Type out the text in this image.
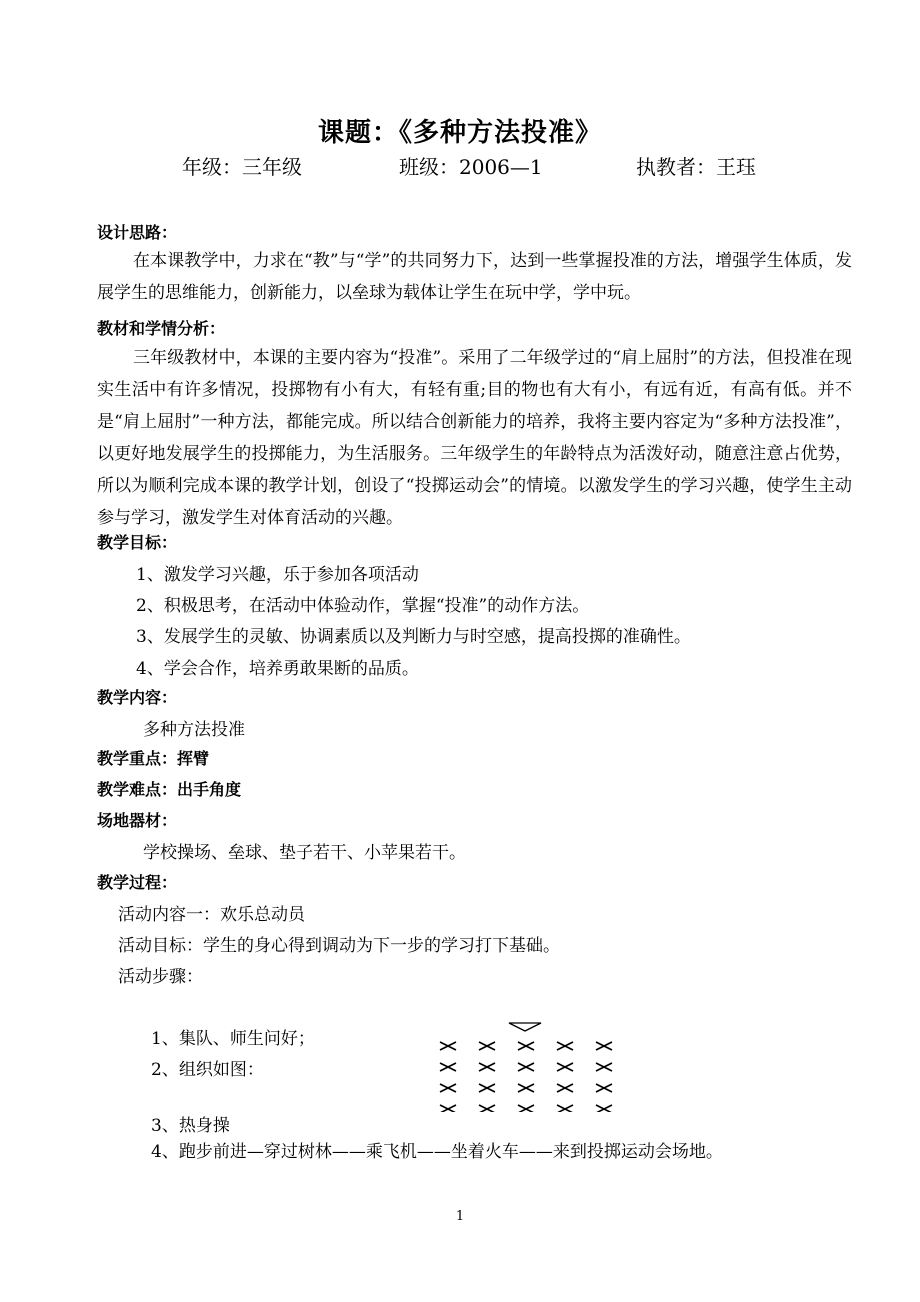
课题：《多种方法投准》
年级：三年级	班级：2006—1	执教者：王珏
设计思路：
在本课教学中，力求在“教”与“学”的共同努力下，达到一些掌握投准的方法，增强学生体质，发展学生的思维能力，创新能力，以垒球为载体让学生在玩中学，学中玩。
教材和学情分析：
三年级教材中，本课的主要内容为“投准”。采用了二年级学过的“肩上屈肘”的方法，但投准在现实生活中有许多情况，投掷物有小有大，有轻有重;目的物也有大有小，有远有近，有高有低。并不是“肩上屈肘”一种方法，都能完成。所以结合创新能力的培养，我将主要内容定为“多种方法投准”，以更好地发展学生的投掷能力，为生活服务。三年级学生的年龄特点为活泼好动，随意注意占优势，所以为顺利完成本课的教学计划，创设了“投掷运动会”的情境。以激发学生的学习兴趣，使学生主动参与学习，激发学生对体育活动的兴趣。
教学目标：
1、激发学习兴趣，乐于参加各项活动
2、积极思考，在活动中体验动作，掌握“投准”的动作方法。
3、发展学生的灵敏、协调素质以及判断力与时空感，提高投掷的准确性。
4、学会合作，培养勇敢果断的品质。
教学内容：
多种方法投准
教学重点：挥臂
教学难点：出手角度
场地器材：
学校操场、垒球、垫子若干、小苹果若干。
教学过程：
活动内容一：欢乐总动员
活动目标：学生的身心得到调动为下一步的学习打下基础。
活动步骤：
1、集队、师生问好；
2、组织如图：
3、热身操
4、跑步前进—穿过树林——乘飞机——坐着火车——来到投掷运动会场地。
1
